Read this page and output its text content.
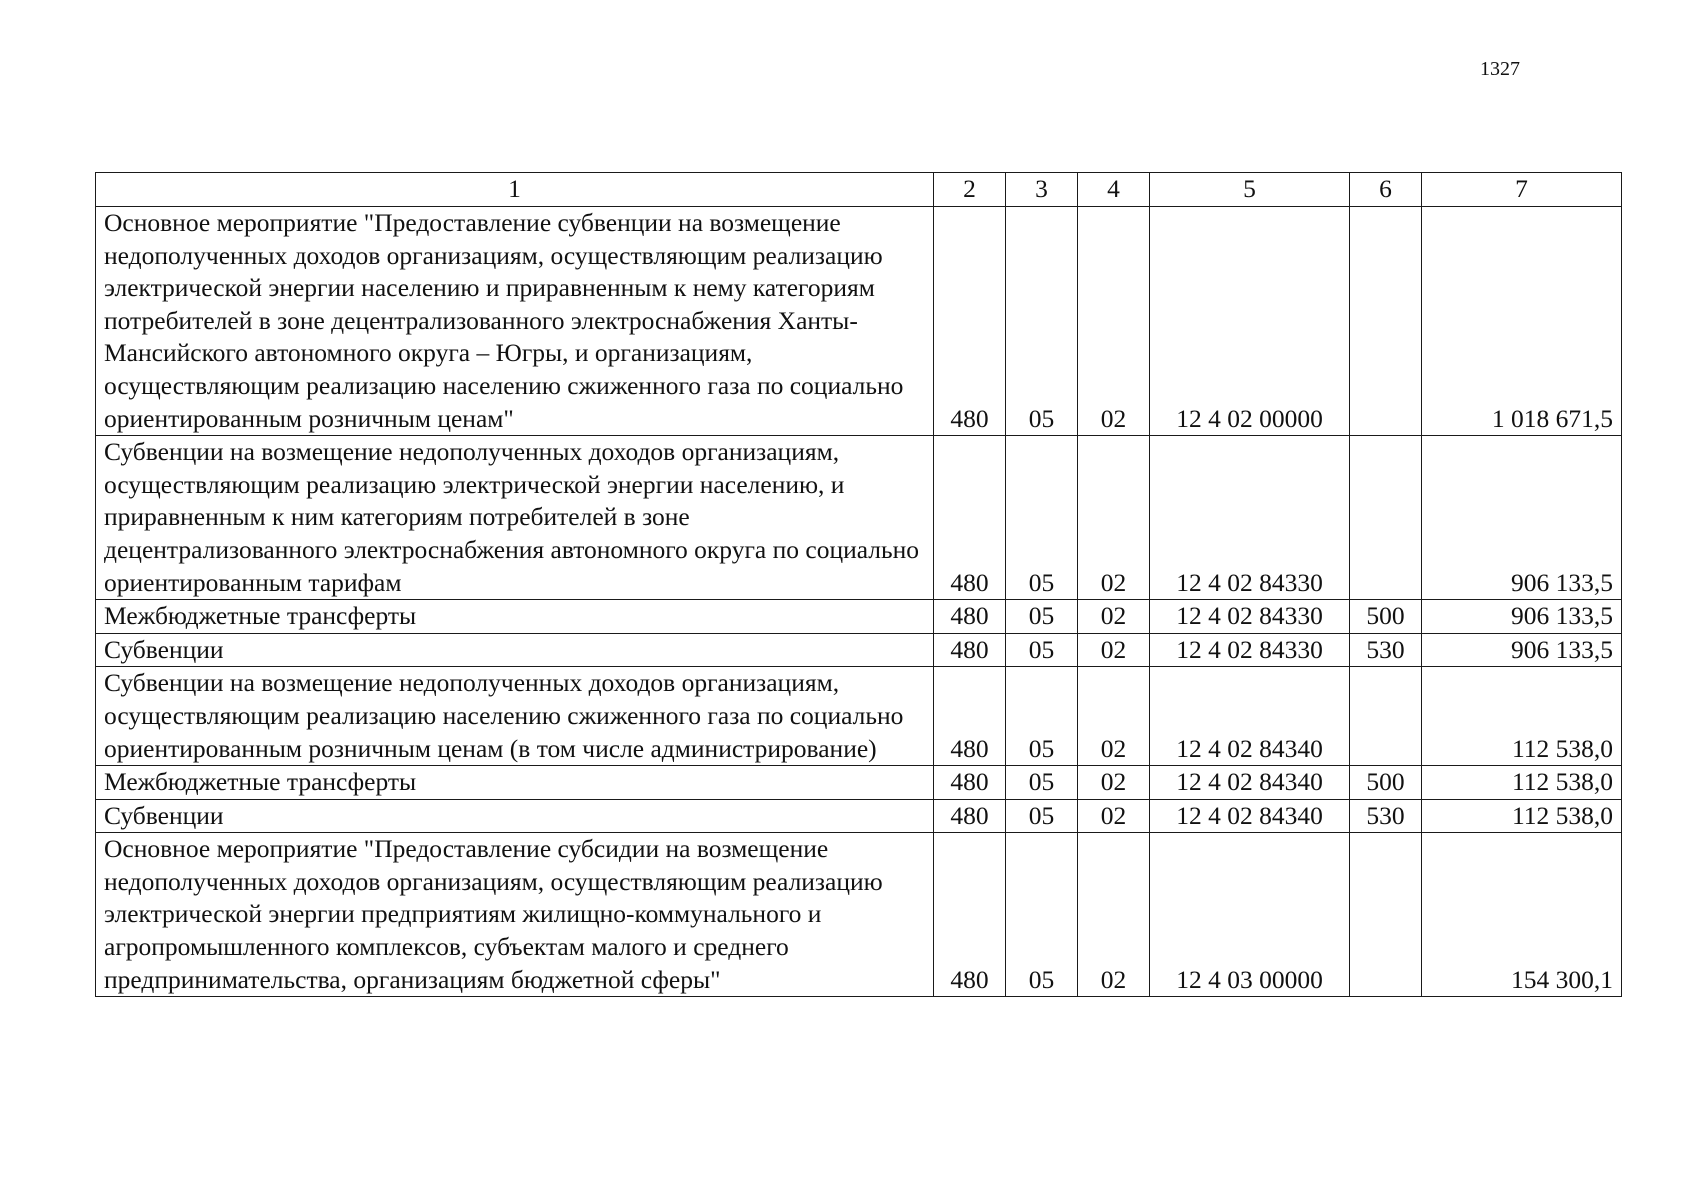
1327
1	2	3	4	5	6	7
Основное мероприятие "Предоставление субвенции на возмещение недополученных доходов организациям, осуществляющим реализацию электрической энергии населению и приравненным к нему категориям потребителей в зоне децентрализованного электроснабжения Ханты-Мансийского автономного округа – Югры, и организациям, осуществляющим реализацию населению сжиженного газа по социально ориентированным розничным ценам"	480	05	02	12 4 02 00000		1 018 671,5
Субвенции на возмещение недополученных доходов организациям, осуществляющим реализацию электрической энергии населению, и приравненным к ним категориям потребителей в зоне децентрализованного электроснабжения автономного округа по социально ориентированным тарифам	480	05	02	12 4 02 84330		906 133,5
Межбюджетные трансферты	480	05	02	12 4 02 84330	500	906 133,5
Субвенции	480	05	02	12 4 02 84330	530	906 133,5
Субвенции на возмещение недополученных доходов организациям, осуществляющим реализацию населению сжиженного газа по социально ориентированным розничным ценам (в том числе администрирование)	480	05	02	12 4 02 84340		112 538,0
Межбюджетные трансферты	480	05	02	12 4 02 84340	500	112 538,0
Субвенции	480	05	02	12 4 02 84340	530	112 538,0
Основное мероприятие "Предоставление субсидии на возмещение недополученных доходов организациям, осуществляющим реализацию электрической энергии предприятиям жилищно-коммунального и агропромышленного комплексов, субъектам малого и среднего предпринимательства, организациям бюджетной сферы"	480	05	02	12 4 03 00000		154 300,1
